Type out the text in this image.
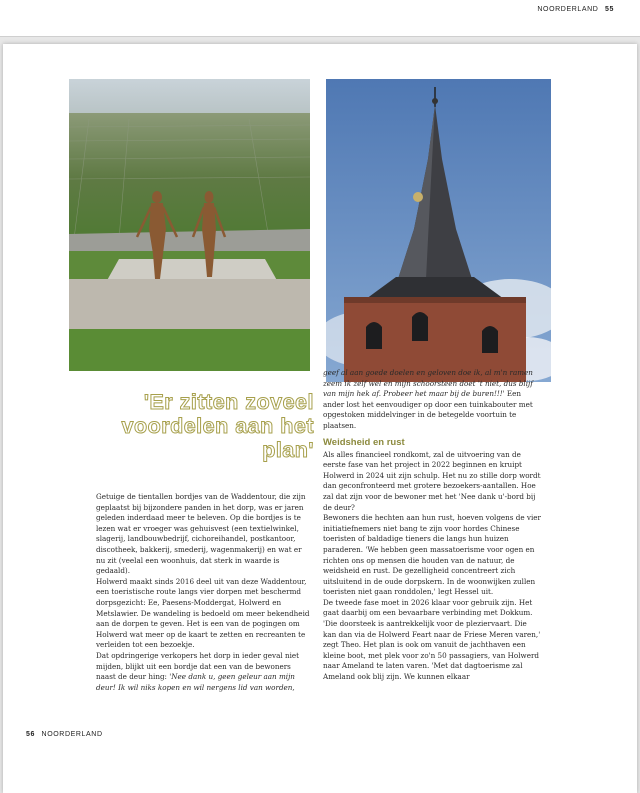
NOORDERLAND 55
'Er zitten zoveel voordelen aan het plan'

Getuige de tientallen bordjes van de Waddentour, die zijn geplaatst bij bijzondere panden in het dorp, was er jaren geleden inderdaad meer te beleven. Op die bordjes is te lezen wat er vroeger was gehuisvest (een textielwinkel, slagerij, landbouwbedrijf, cichoreihandel, postkantoor, discotheek, bakkerij, smederij, wagenmakerij) en wat er nu zit (veelal een woonhuis, dat sterk in waarde is gedaald).

Holwerd maakt sinds 2016 deel uit van deze Waddentour, een toeristische route langs vier dorpen met beschermd dorpsgezicht: Ee, Paesens-Moddergat, Holwerd en Metslawier. De wandeling is bedoeld om meer bekendheid aan de dorpen te geven. Het is een van de pogingen om Holwerd wat meer op de kaart te zetten en recreanten te verleiden tot een bezoekje.

Dat opdringerige verkopers het dorp in ieder geval niet mijden, blijkt uit een bordje dat een van de bewoners naast de deur hing: 'Nee dank u, geen geleur aan mijn deur! Ik wil niks kopen en wil nergens lid van worden,

geef al aan goede doelen en geloven doe ik, al m'n ramen zeem ik zelf wel en mijn schoorsteen doet 't niet, dus blijf van mijn hek af. Probeer het maar bij de buren!!!' Een ander lost het eenvoudiger op door een tuinkabouter met opgestoken middelvinger in de betegelde voortuin te plaatsen.

Weidsheid en rust

Als alles financieel rondkomt, zal de uitvoering van de eerste fase van het project in 2022 beginnen en kruipt Holwerd in 2024 uit zijn schulp. Het nu zo stille dorp wordt dan geconfronteerd met grotere bezoekers-aantallen. Hoe zal dat zijn voor de bewoner met het 'Nee dank u'-bord bij de deur?

Bewoners die hechten aan hun rust, hoeven volgens de vier initiatiefnemers niet bang te zijn voor hordes Chinese toeristen of baldadige tieners die langs hun huizen paraderen. 'We hebben geen massatoerisme voor ogen en richten ons op mensen die houden van de natuur, de weidsheid en rust. De gezelligheid concentreert zich uitsluitend in de oude dorpskern. In de woonwijken zullen toeristen niet gaan ronddolen,' legt Hessel uit.

De tweede fase moet in 2026 klaar voor gebruik zijn. Het gaat daarbij om een bevaarbare verbinding met Dokkum. 'Die doorsteek is aantrekkelijk voor de pleziervaart. Die kan dan via de Holwerd Feart naar de Friese Meren varen,' zegt Theo. Het plan is ook om vanuit de jachthaven een kleine boot, met plek voor zo'n 50 passagiers, van Holwerd naar Ameland te laten varen. 'Met dat dagtoerisme zal Ameland ook blij zijn. We kunnen elkaar

56 NOORDERLAND
